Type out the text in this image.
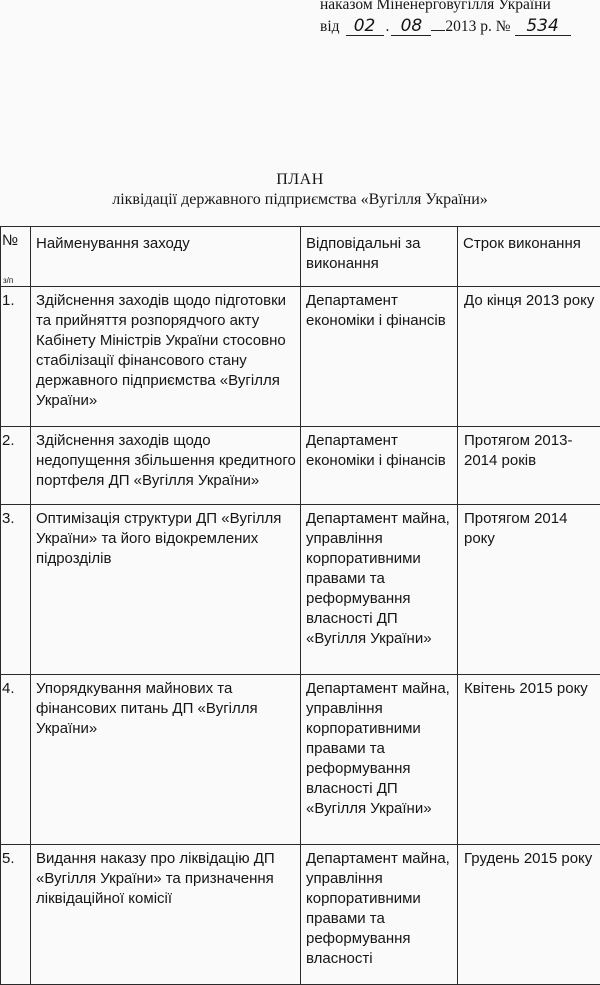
наказом Міненерговугілля України
від 02 . 08	2013 р. № 534
ПЛАН
ліквідації державного підприємства «Вугілля України»
№
з/п	Найменування заходу	Відповідальні за виконання	Строк виконання
1.	Здійснення заходів щодо підготовки та прийняття розпорядчого акту Кабінету Міністрів України стосовно стабілізації фінансового стану державного підприємства «Вугілля України»	Департамент економіки і фінансів	До кінця 2013 року
2.	Здійснення заходів щодо недопущення збільшення кредитного портфеля ДП «Вугілля України»	Департамент економіки і фінансів	Протягом 2013-2014 років
3.	Оптимізація структури ДП «Вугілля України» та його відокремлених підрозділів	Департамент майна, управління корпоративними правами та реформування власності ДП «Вугілля України»	Протягом 2014 року
4.	Упорядкування майнових та фінансових питань ДП «Вугілля України»	Департамент майна, управління корпоративними правами та реформування власності ДП «Вугілля України»	Квітень 2015 року
5.	Видання наказу про ліквідацію ДП «Вугілля України» та призначення ліквідаційної комісії	Департамент майна, управління корпоративними правами та реформування власності	Грудень 2015 року
